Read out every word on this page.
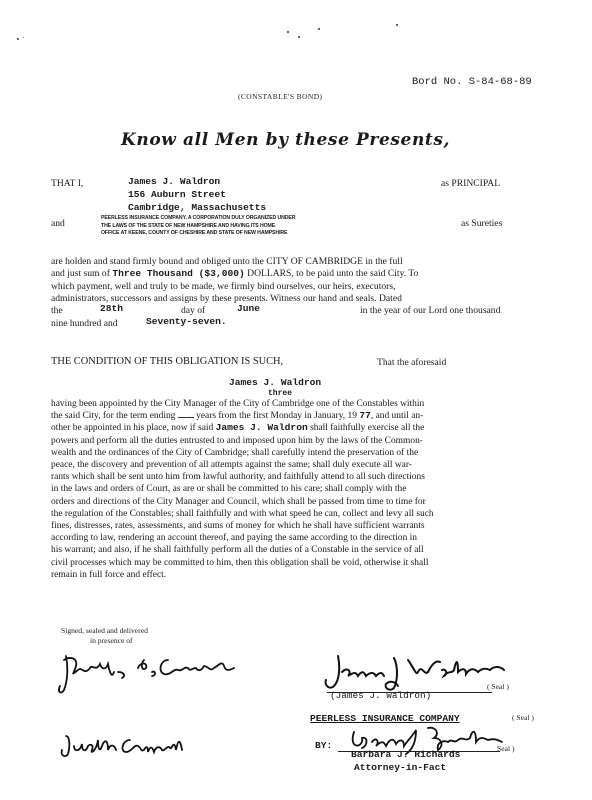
Bord No. S-84-68-89
(CONSTABLE'S BOND)
Know all Men by these Presents,
THAT I,	James J. Waldron
156 Auburn Street
Cambridge, Massachusetts
as PRINCIPAL
and	PEERLESS INSURANCE COMPANY, A CORPORATION DULY ORGANIZED UNDER
THE LAWS OF THE STATE OF NEW HAMPSHIRE AND HAVING ITS HOME
OFFICE AT KEENE, COUNTY OF CHESHIRE AND STATE OF NEW HAMPSHIRE
as Sureties
are holden and stand firmly bound and obliged unto the CITY OF CAMBRIDGE in the full
and just sum of Three Thousand ($3,000) DOLLARS, to be paid unto the said City. To
which payment, well and truly to be made, we firmly bind ourselves, our heirs, executors,
administrators, successors and assigns by these presents. Witness our hand and seals. Dated
the	28th	day of	June	in the year of our Lord one thousand
nine hundred and	Seventy-seven.
THE CONDITION OF THIS OBLIGATION IS SUCH,	That the aforesaid
James J. Waldron
three
having been appointed by the City Manager of the City of Cambridge one of the Constables within
the said City, for the term ending years from the first Monday in January, 19 77, and until an-
other be appointed in his place, now if said James J. Waldron shall faithfully exercise all the
powers and perform all the duties entrusted to and imposed upon him by the laws of the Common-
wealth and the ordinances of the City of Cambridge; shall carefully intend the preservation of the
peace, the discovery and prevention of all attempts against the same; shall duly execute all war-
rants which shall be sent unto him from lawful authority, and faithfully attend to all such directions
in the laws and orders of Court, as are or shall be committed to his care; shall comply with the
orders and directions of the City Manager and Council, which shall be passed from time to time for
the regulation of the Constables; shall faithfully and with what speed he can, collect and levy all such
fines, distresses, rates, assessments, and sums of money for which he shall have sufficient warrants
according to law, rendering an account thereof, and paying the same according to the direction in
his warrant; and also, if he shall faithfully perform all the duties of a Constable in the service of all
civil processes which may be committed to him, then this obligation shall be void, otherwise it shall
remain in full force and effect.
Signed, sealed and delivered
in presence of
(James J. Waldron)
( Seal )
PEERLESS INSURANCE COMPANY	( Seal )
BY:	Seal )
Barbara J. Richards
Attorney-in-Fact
